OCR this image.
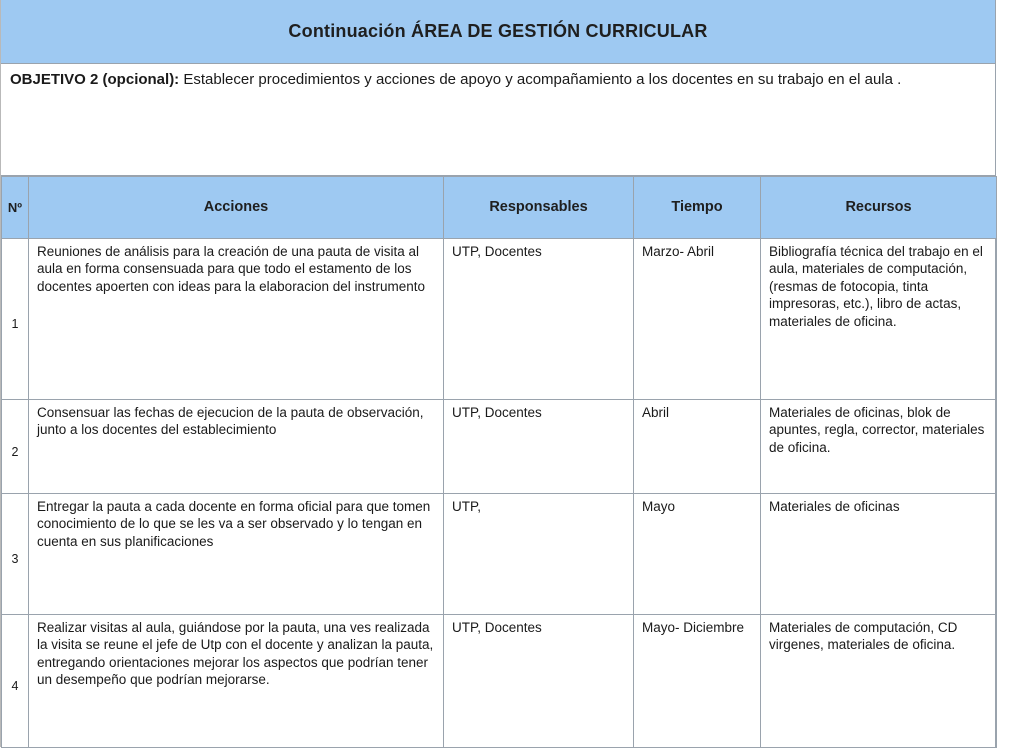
Continuación ÁREA DE GESTIÓN CURRICULAR
OBJETIVO 2 (opcional): Establecer procedimientos y acciones de apoyo y acompañamiento a los docentes en su trabajo en el aula .
Nº	Acciones	Responsables	Tiempo	Recursos
1	Reuniones de análisis para la creación de una pauta de visita al aula en forma consensuada para que todo el estamento de los docentes apoerten con ideas para la elaboracion del instrumento	UTP, Docentes	Marzo- Abril	Bibliografía técnica del trabajo en el aula, materiales de computación, (resmas de fotocopia, tinta impresoras, etc.), libro de actas, materiales de oficina.
2	Consensuar las fechas de ejecucion de la pauta de observación, junto a los docentes del establecimiento	UTP, Docentes	Abril	Materiales de oficinas, blok de apuntes, regla, corrector, materiales de oficina.
3	Entregar la pauta a cada docente en forma oficial para que tomen conocimiento de lo que se les va a ser observado y lo tengan en cuenta en sus planificaciones	UTP,	Mayo	Materiales de oficinas
4	Realizar visitas al aula, guiándose por la pauta, una ves realizada la visita se reune el jefe de Utp con el docente y analizan la pauta, entregando orientaciones mejorar los aspectos que podrían tener un desempeño que podrían mejorarse.	UTP, Docentes	Mayo- Diciembre	Materiales de computación, CD virgenes, materiales de oficina.
